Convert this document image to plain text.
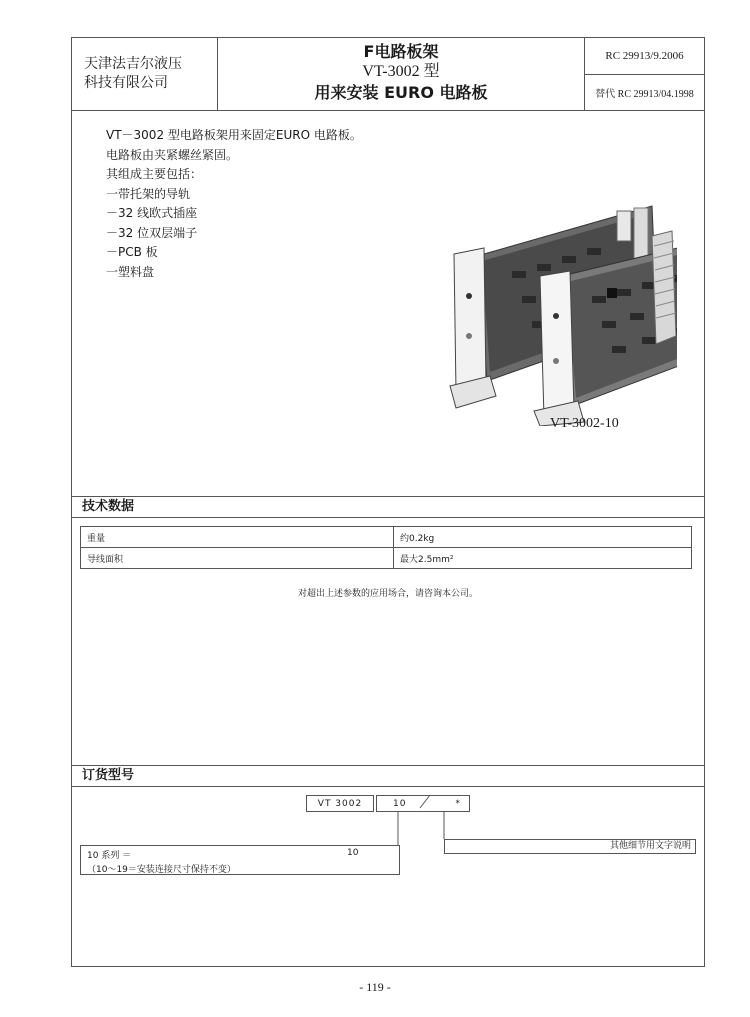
天津法吉尔液压
科技有限公司
F电路板架
VT-3002 型
用来安装 EURO 电路板
RC 29913/9.2006
替代 RC 29913/04.1998
VT－3002 型电路板架用来固定EURO 电路板。
电路板由夹紧螺丝紧固。
其组成主要包括：
一带托架的导轨
－32 线欧式插座
－32 位双层端子
－PCB 板
一塑料盘
VT-3002-10
技术数据
重量	约0.2kg
导线面积	最大2.5mm²
对超出上述参数的应用场合，请咨询本公司。
订货型号
VT 3002	10	*
10 系列 ＝	10
（10～19＝安装连接尺寸保持不变）
其他细节用文字说明
- 119 -
